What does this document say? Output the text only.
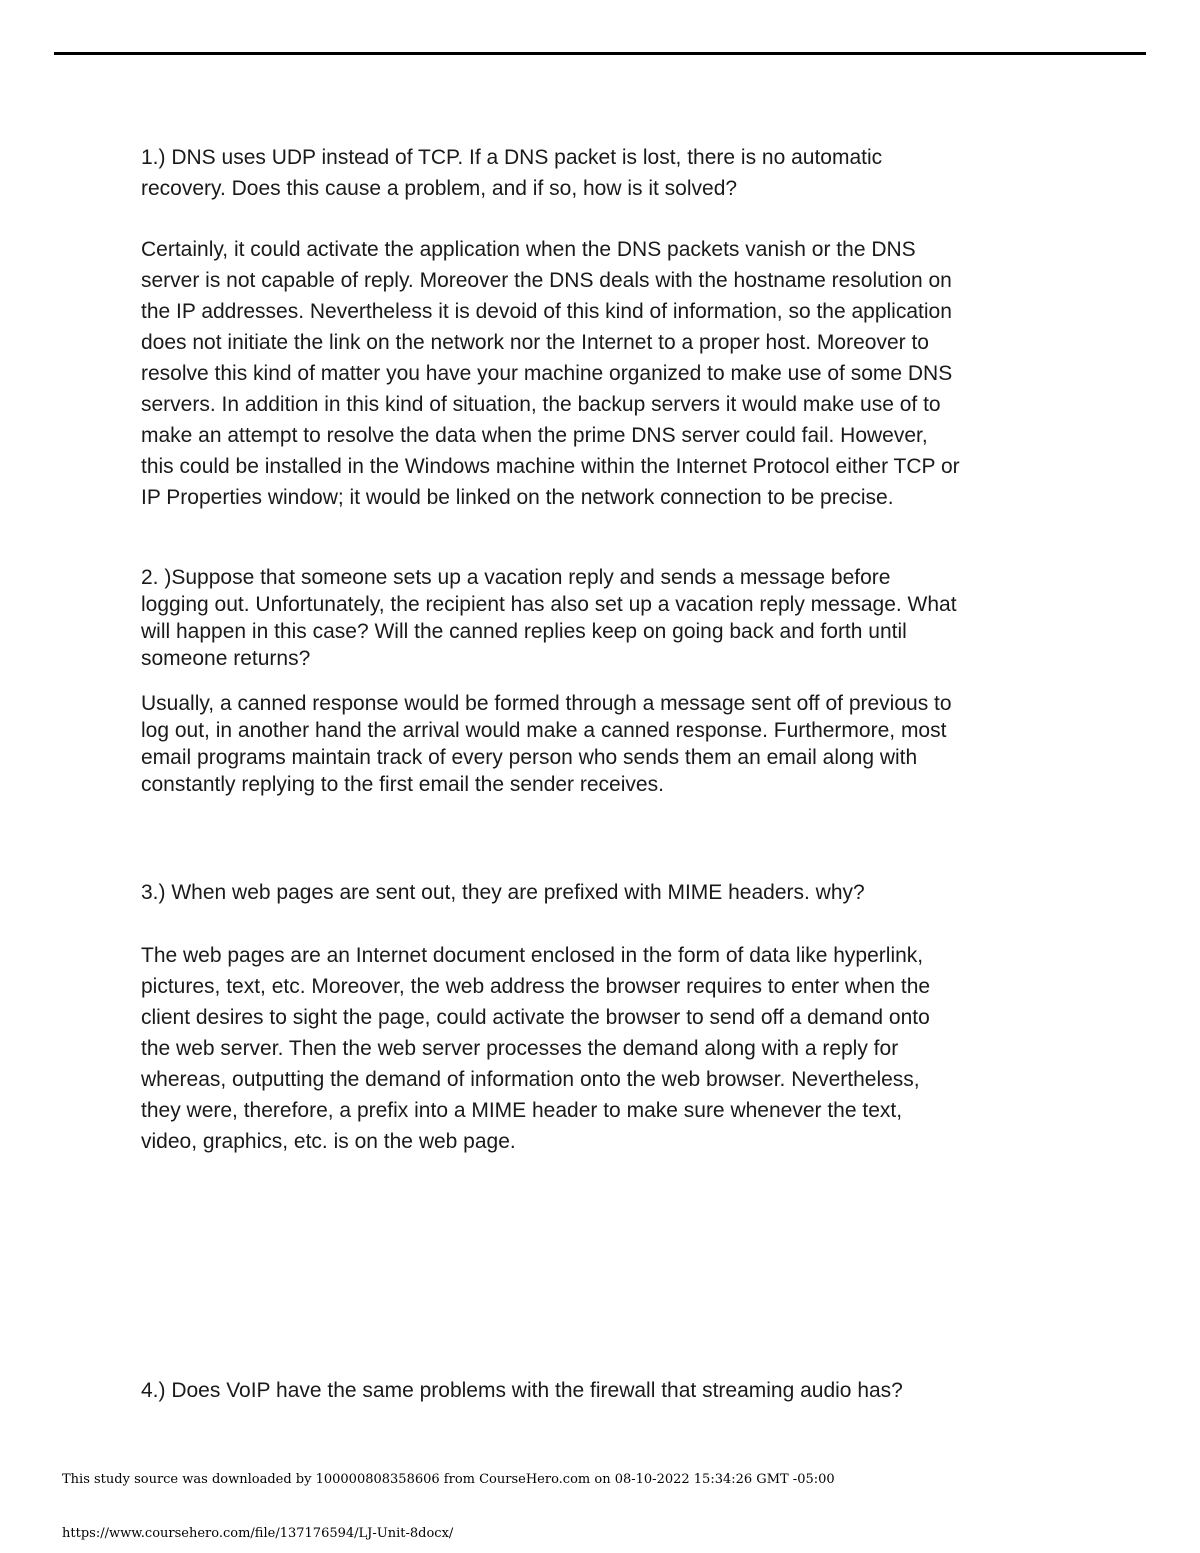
1.) DNS uses UDP instead of TCP. If a DNS packet is lost, there is no automatic
recovery. Does this cause a problem, and if so, how is it solved?

Certainly, it could activate the application when the DNS packets vanish or the DNS
server is not capable of reply. Moreover the DNS deals with the hostname resolution on
the IP addresses. Nevertheless it is devoid of this kind of information, so the application
does not initiate the link on the network nor the Internet to a proper host. Moreover to
resolve this kind of matter you have your machine organized to make use of some DNS
servers. In addition in this kind of situation, the backup servers it would make use of to
make an attempt to resolve the data when the prime DNS server could fail. However,
this could be installed in the Windows machine within the Internet Protocol either TCP or
IP Properties window; it would be linked on the network connection to be precise.

2. )Suppose that someone sets up a vacation reply and sends a message before
logging out. Unfortunately, the recipient has also set up a vacation reply message. What
will happen in this case? Will the canned replies keep on going back and forth until
someone returns?

Usually, a canned response would be formed through a message sent off of previous to
log out, in another hand the arrival would make a canned response. Furthermore, most
email programs maintain track of every person who sends them an email along with
constantly replying to the first email the sender receives.

3.) When web pages are sent out, they are prefixed with MIME headers. why?

The web pages are an Internet document enclosed in the form of data like hyperlink,
pictures, text, etc. Moreover, the web address the browser requires to enter when the
client desires to sight the page, could activate the browser to send off a demand onto
the web server. Then the web server processes the demand along with a reply for
whereas, outputting the demand of information onto the web browser. Nevertheless,
they were, therefore, a prefix into a MIME header to make sure whenever the text,
video, graphics, etc. is on the web page.

4.) Does VoIP have the same problems with the firewall that streaming audio has?

This study source was downloaded by 100000808358606 from CourseHero.com on 08-10-2022 15:34:26 GMT -05:00
https://www.coursehero.com/file/137176594/LJ-Unit-8docx/
